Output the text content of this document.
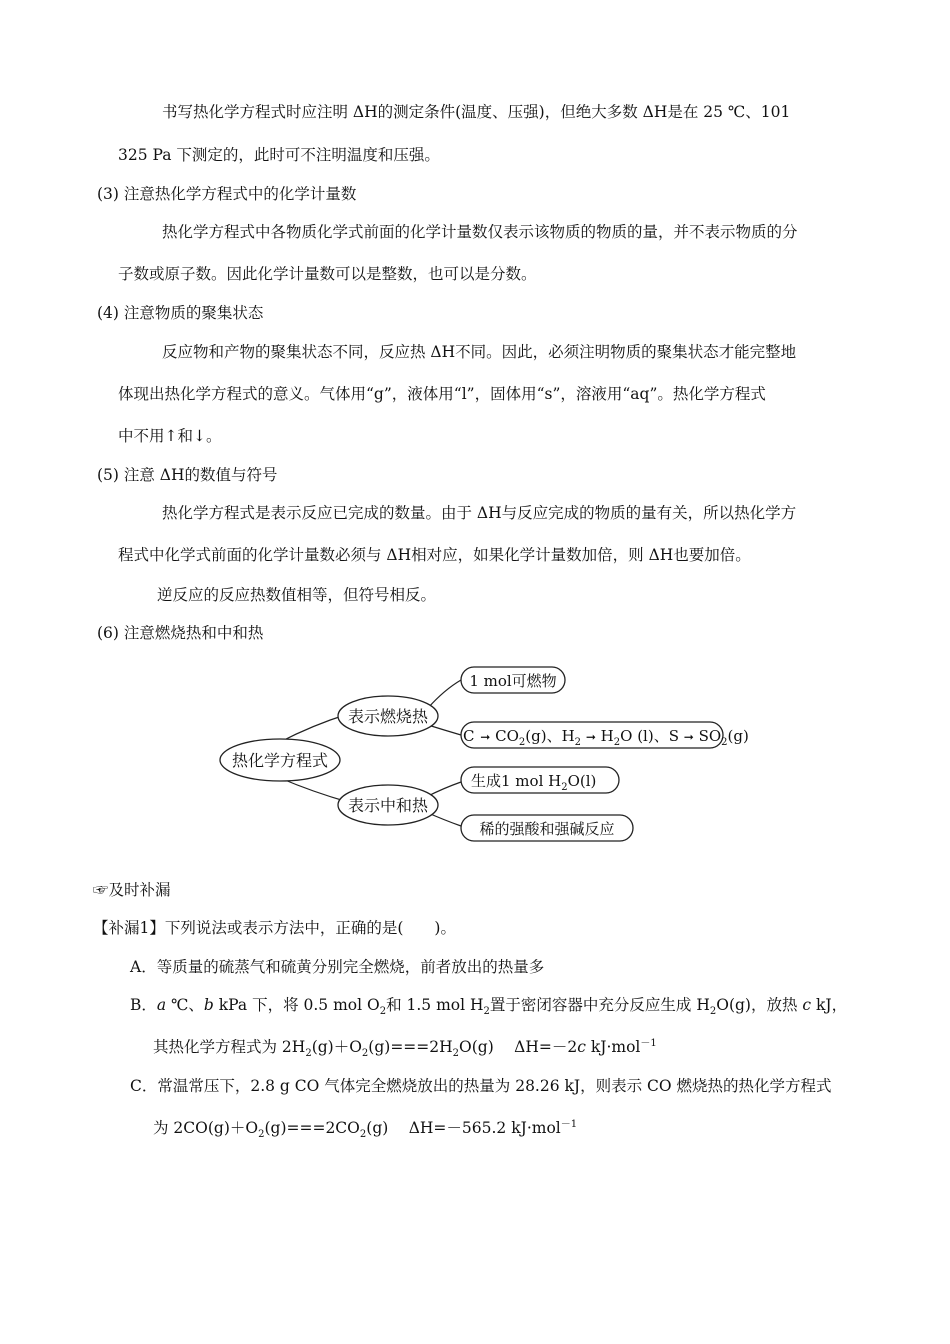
书写热化学方程式时应注明 ΔH的测定条件(温度、压强)，但绝大多数 ΔH是在 25 ℃、101
325 Pa 下测定的，此时可不注明温度和压强。
(3) 注意热化学方程式中的化学计量数
热化学方程式中各物质化学式前面的化学计量数仅表示该物质的物质的量，并不表示物质的分
子数或原子数。因此化学计量数可以是整数，也可以是分数。
(4) 注意物质的聚集状态
反应物和产物的聚集状态不同，反应热 ΔH不同。因此，必须注明物质的聚集状态才能完整地
体现出热化学方程式的意义。气体用“g”，液体用“l”，固体用“s”，溶液用“aq”。热化学方程式
中不用↑和↓。
(5) 注意 ΔH的数值与符号
热化学方程式是表示反应已完成的数量。由于 ΔH与反应完成的物质的量有关，所以热化学方
程式中化学式前面的化学计量数必须与 ΔH相对应，如果化学计量数加倍，则 ΔH也要加倍。
逆反应的反应热数值相等，但符号相反。
(6) 注意燃烧热和中和热
热化学方程式
表示燃烧热
表示中和热
1 mol可燃物
C ➞ $CO_2(g)$、$H_2$ ➞ $H_2O$ (l)、S ➞ $SO_2(g)$
生成1 mol $H_2O(l)$
稀的强酸和强碱反应
☞及时补漏
【补漏1】下列说法或表示方法中，正确的是(　　)。
A．等质量的硫蒸气和硫黄分别完全燃烧，前者放出的热量多
B．a ℃、b kPa 下，将 0.5 mol $O_2$和 1.5 mol $H_2$置于密闭容器中充分反应生成 $H_2O(g)$，放热 c kJ，
其热化学方程式为 $2H_2(g)+O_2(g)===2H_2O(g)$　 ΔH=－2c kJ·mol$^{-1}$
C．常温常压下，2.8 g CO 气体完全燃烧放出的热量为 28.26 kJ，则表示 CO 燃烧热的热化学方程式
为 $2CO(g)+O_2(g)===2CO_2(g)$　 ΔH=－565.2 kJ·mol$^{-1}$
